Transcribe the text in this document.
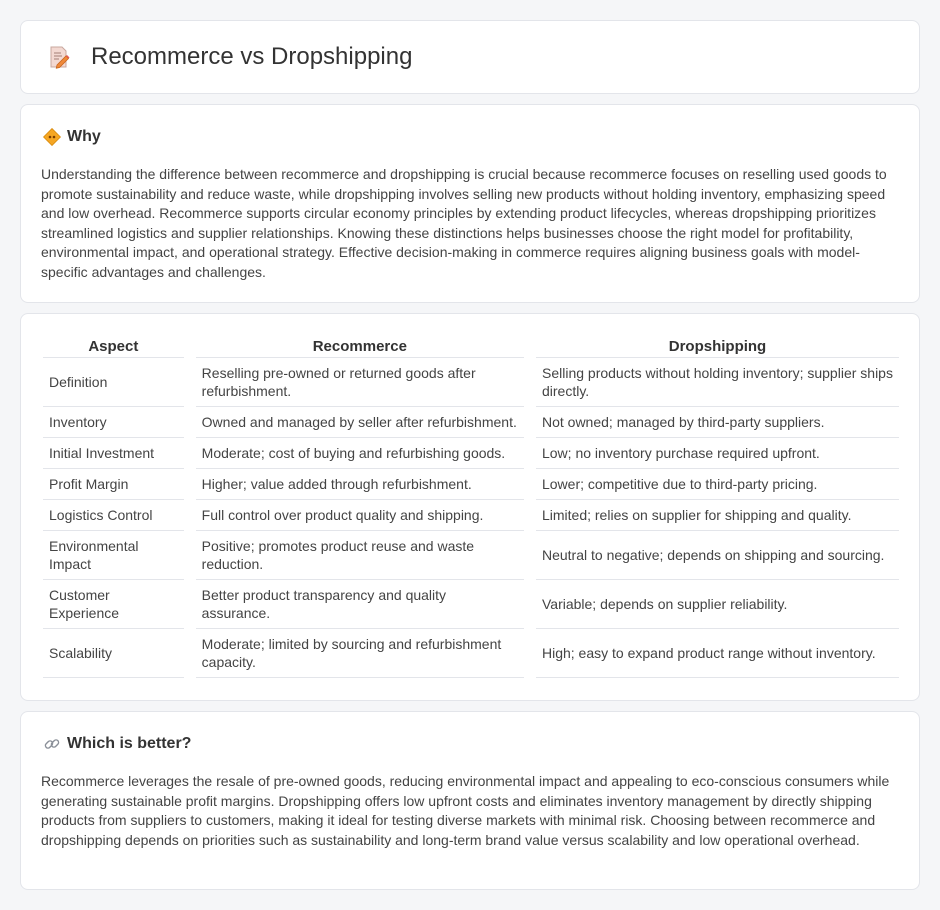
Recommerce vs Dropshipping
Why

Understanding the difference between recommerce and dropshipping is crucial because recommerce focuses on reselling used goods to promote sustainability and reduce waste, while dropshipping involves selling new products without holding inventory, emphasizing speed and low overhead. Recommerce supports circular economy principles by extending product lifecycles, whereas dropshipping prioritizes streamlined logistics and supplier relationships. Knowing these distinctions helps businesses choose the right model for profitability, environmental impact, and operational strategy. Effective decision-making in commerce requires aligning business goals with model-specific advantages and challenges.

Aspect		Recommerce		Dropshipping
Definition		Reselling pre-owned or returned goods after refurbishment.		Selling products without holding inventory; supplier ships directly.
Inventory		Owned and managed by seller after refurbishment.		Not owned; managed by third-party suppliers.
Initial Investment		Moderate; cost of buying and refurbishing goods.		Low; no inventory purchase required upfront.
Profit Margin		Higher; value added through refurbishment.		Lower; competitive due to third-party pricing.
Logistics Control		Full control over product quality and shipping.		Limited; relies on supplier for shipping and quality.
Environmental Impact		Positive; promotes product reuse and waste reduction.		Neutral to negative; depends on shipping and sourcing.
Customer Experience		Better product transparency and quality assurance.		Variable; depends on supplier reliability.
Scalability		Moderate; limited by sourcing and refurbishment capacity.		High; easy to expand product range without inventory.
Which is better?

Recommerce leverages the resale of pre-owned goods, reducing environmental impact and appealing to eco-conscious consumers while generating sustainable profit margins. Dropshipping offers low upfront costs and eliminates inventory management by directly shipping products from suppliers to customers, making it ideal for testing diverse markets with minimal risk. Choosing between recommerce and dropshipping depends on priorities such as sustainability and long-term brand value versus scalability and low operational overhead.
